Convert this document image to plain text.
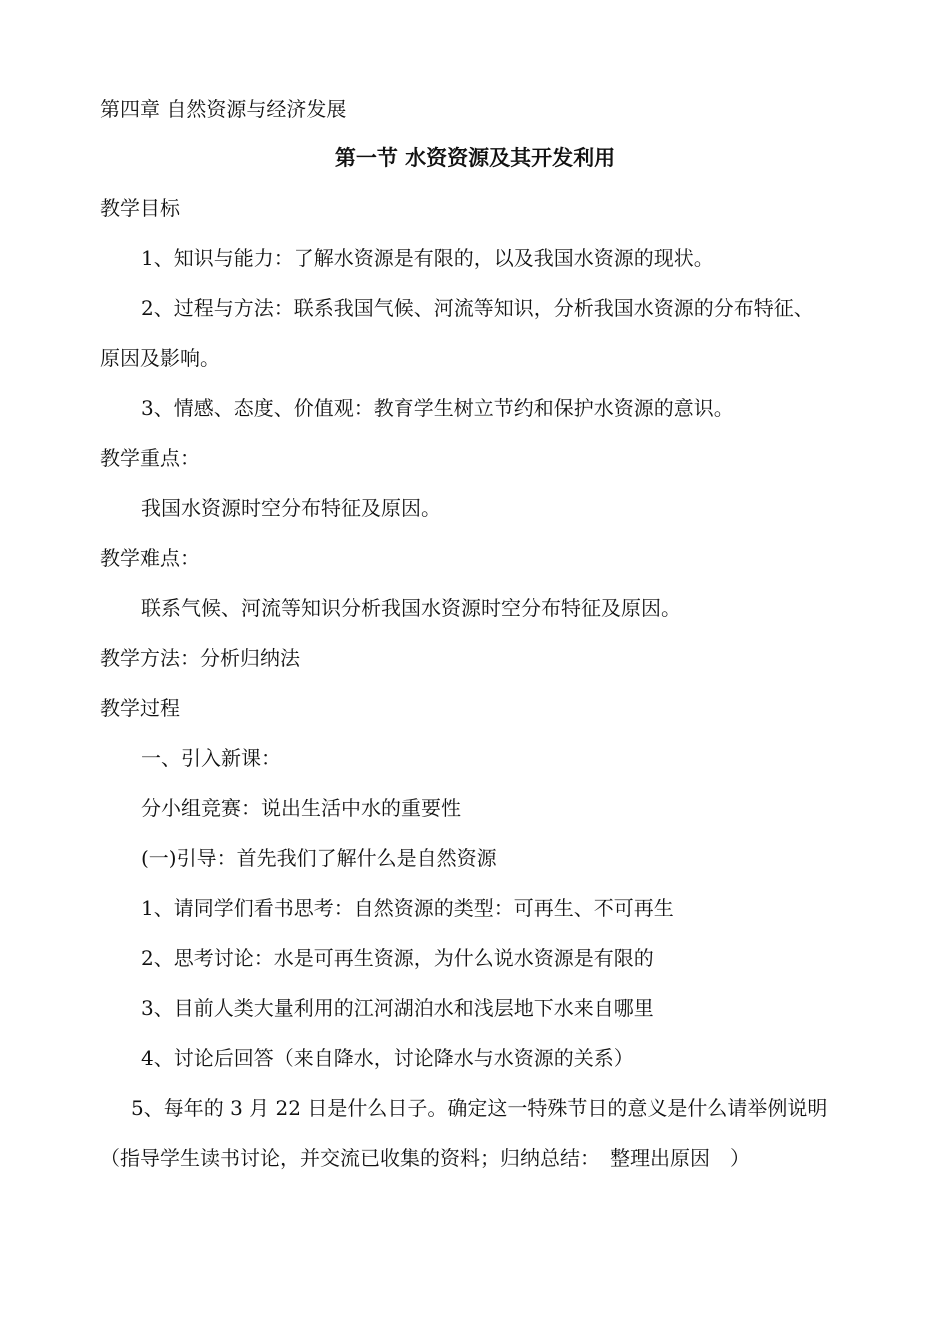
第四章 自然资源与经济发展
第一节 水资资源及其开发利用
教学目标
1、知识与能力：了解水资源是有限的，以及我国水资源的现状。
2、过程与方法：联系我国气候、河流等知识，分析我国水资源的分布特征、
原因及影响。
3、情感、态度、价值观：教育学生树立节约和保护水资源的意识。
教学重点：
我国水资源时空分布特征及原因。
教学难点：
联系气候、河流等知识分析我国水资源时空分布特征及原因。
教学方法：分析归纳法
教学过程
一、引入新课：
分小组竞赛：说出生活中水的重要性
(一)引导：首先我们了解什么是自然资源
1、请同学们看书思考：自然资源的类型：可再生、不可再生
2、思考讨论：水是可再生资源，为什么说水资源是有限的
3、目前人类大量利用的江河湖泊水和浅层地下水来自哪里
4、讨论后回答（来自降水，讨论降水与水资源的关系）
5、每年的 3 月 22 日是什么日子。确定这一特殊节日的意义是什么请举例说明
（指导学生读书讨论，并交流已收集的资料；归纳总结：　整理出原因　）
